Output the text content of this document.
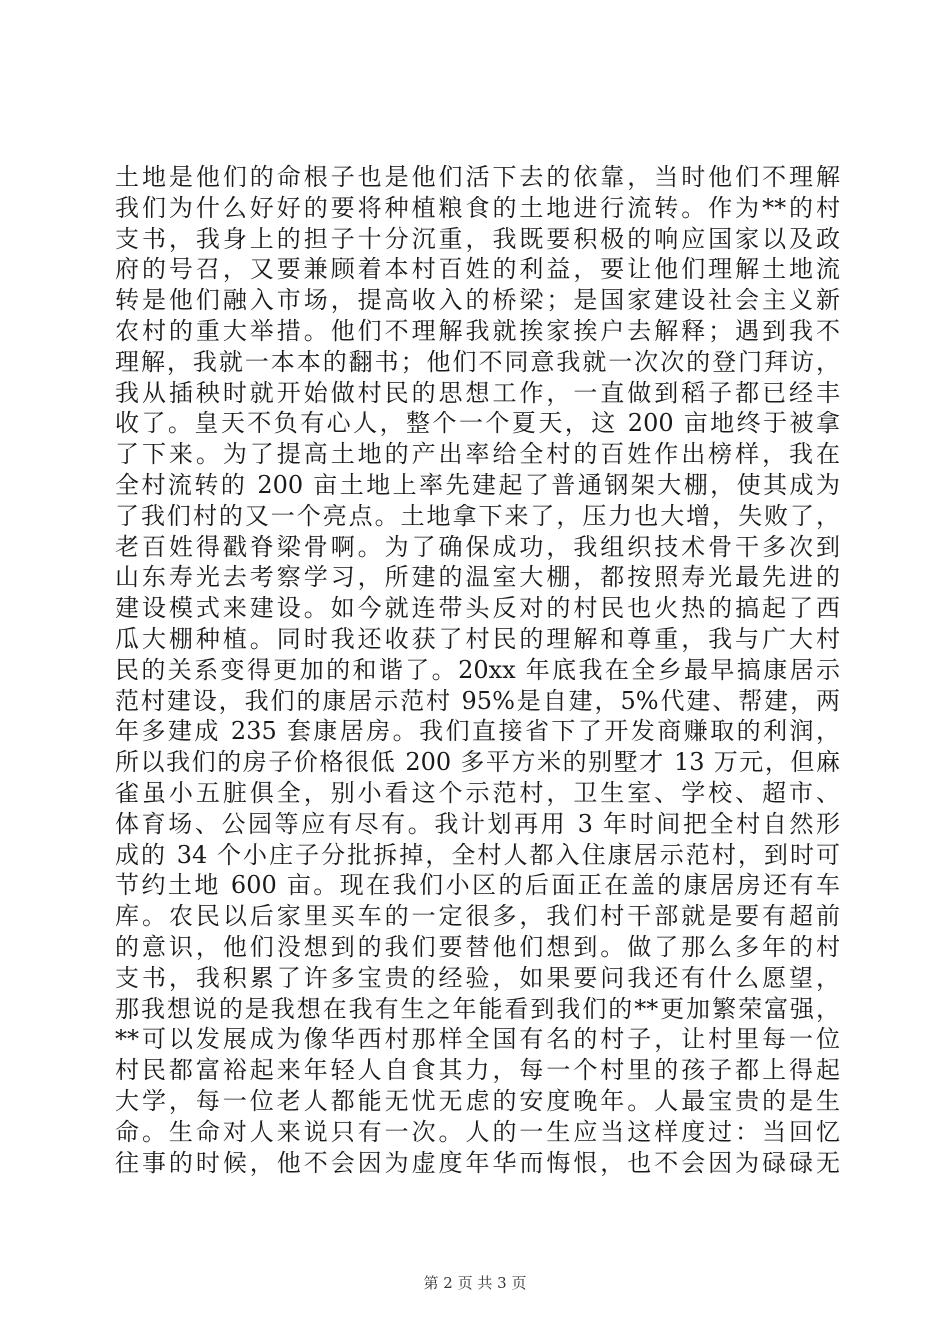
土地是他们的命根子也是他们活下去的依靠，当时他们不理解
我们为什么好好的要将种植粮食的土地进行流转。作为**的村
支书，我身上的担子十分沉重，我既要积极的响应国家以及政
府的号召，又要兼顾着本村百姓的利益，要让他们理解土地流
转是他们融入市场，提高收入的桥梁；是国家建设社会主义新
农村的重大举措。他们不理解我就挨家挨户去解释；遇到我不
理解，我就一本本的翻书；他们不同意我就一次次的登门拜访，
我从插秧时就开始做村民的思想工作，一直做到稻子都已经丰
收了。皇天不负有心人，整个一个夏天，这 200 亩地终于被拿
了下来。为了提高土地的产出率给全村的百姓作出榜样，我在
全村流转的 200 亩土地上率先建起了普通钢架大棚，使其成为
了我们村的又一个亮点。土地拿下来了，压力也大增，失败了，
老百姓得戳脊梁骨啊。为了确保成功，我组织技术骨干多次到
山东寿光去考察学习，所建的温室大棚，都按照寿光最先进的
建设模式来建设。如今就连带头反对的村民也火热的搞起了西
瓜大棚种植。同时我还收获了村民的理解和尊重，我与广大村
民的关系变得更加的和谐了。20xx 年底我在全乡最早搞康居示
范村建设，我们的康居示范村 95%是自建，5%代建、帮建，两
年多建成 235 套康居房。我们直接省下了开发商赚取的利润，
所以我们的房子价格很低 200 多平方米的别墅才 13 万元，但麻
雀虽小五脏俱全，别小看这个示范村，卫生室、学校、超市、
体育场、公园等应有尽有。我计划再用 3 年时间把全村自然形
成的 34 个小庄子分批拆掉，全村人都入住康居示范村，到时可
节约土地 600 亩。现在我们小区的后面正在盖的康居房还有车
库。农民以后家里买车的一定很多，我们村干部就是要有超前
的意识，他们没想到的我们要替他们想到。做了那么多年的村
支书，我积累了许多宝贵的经验，如果要问我还有什么愿望，
那我想说的是我想在我有生之年能看到我们的**更加繁荣富强，
**可以发展成为像华西村那样全国有名的村子，让村里每一位
村民都富裕起来年轻人自食其力，每一个村里的孩子都上得起
大学，每一位老人都能无忧无虑的安度晚年。人最宝贵的是生
命。生命对人来说只有一次。人的一生应当这样度过：当回忆
往事的时候，他不会因为虚度年华而悔恨，也不会因为碌碌无
第 2 页 共 3 页
